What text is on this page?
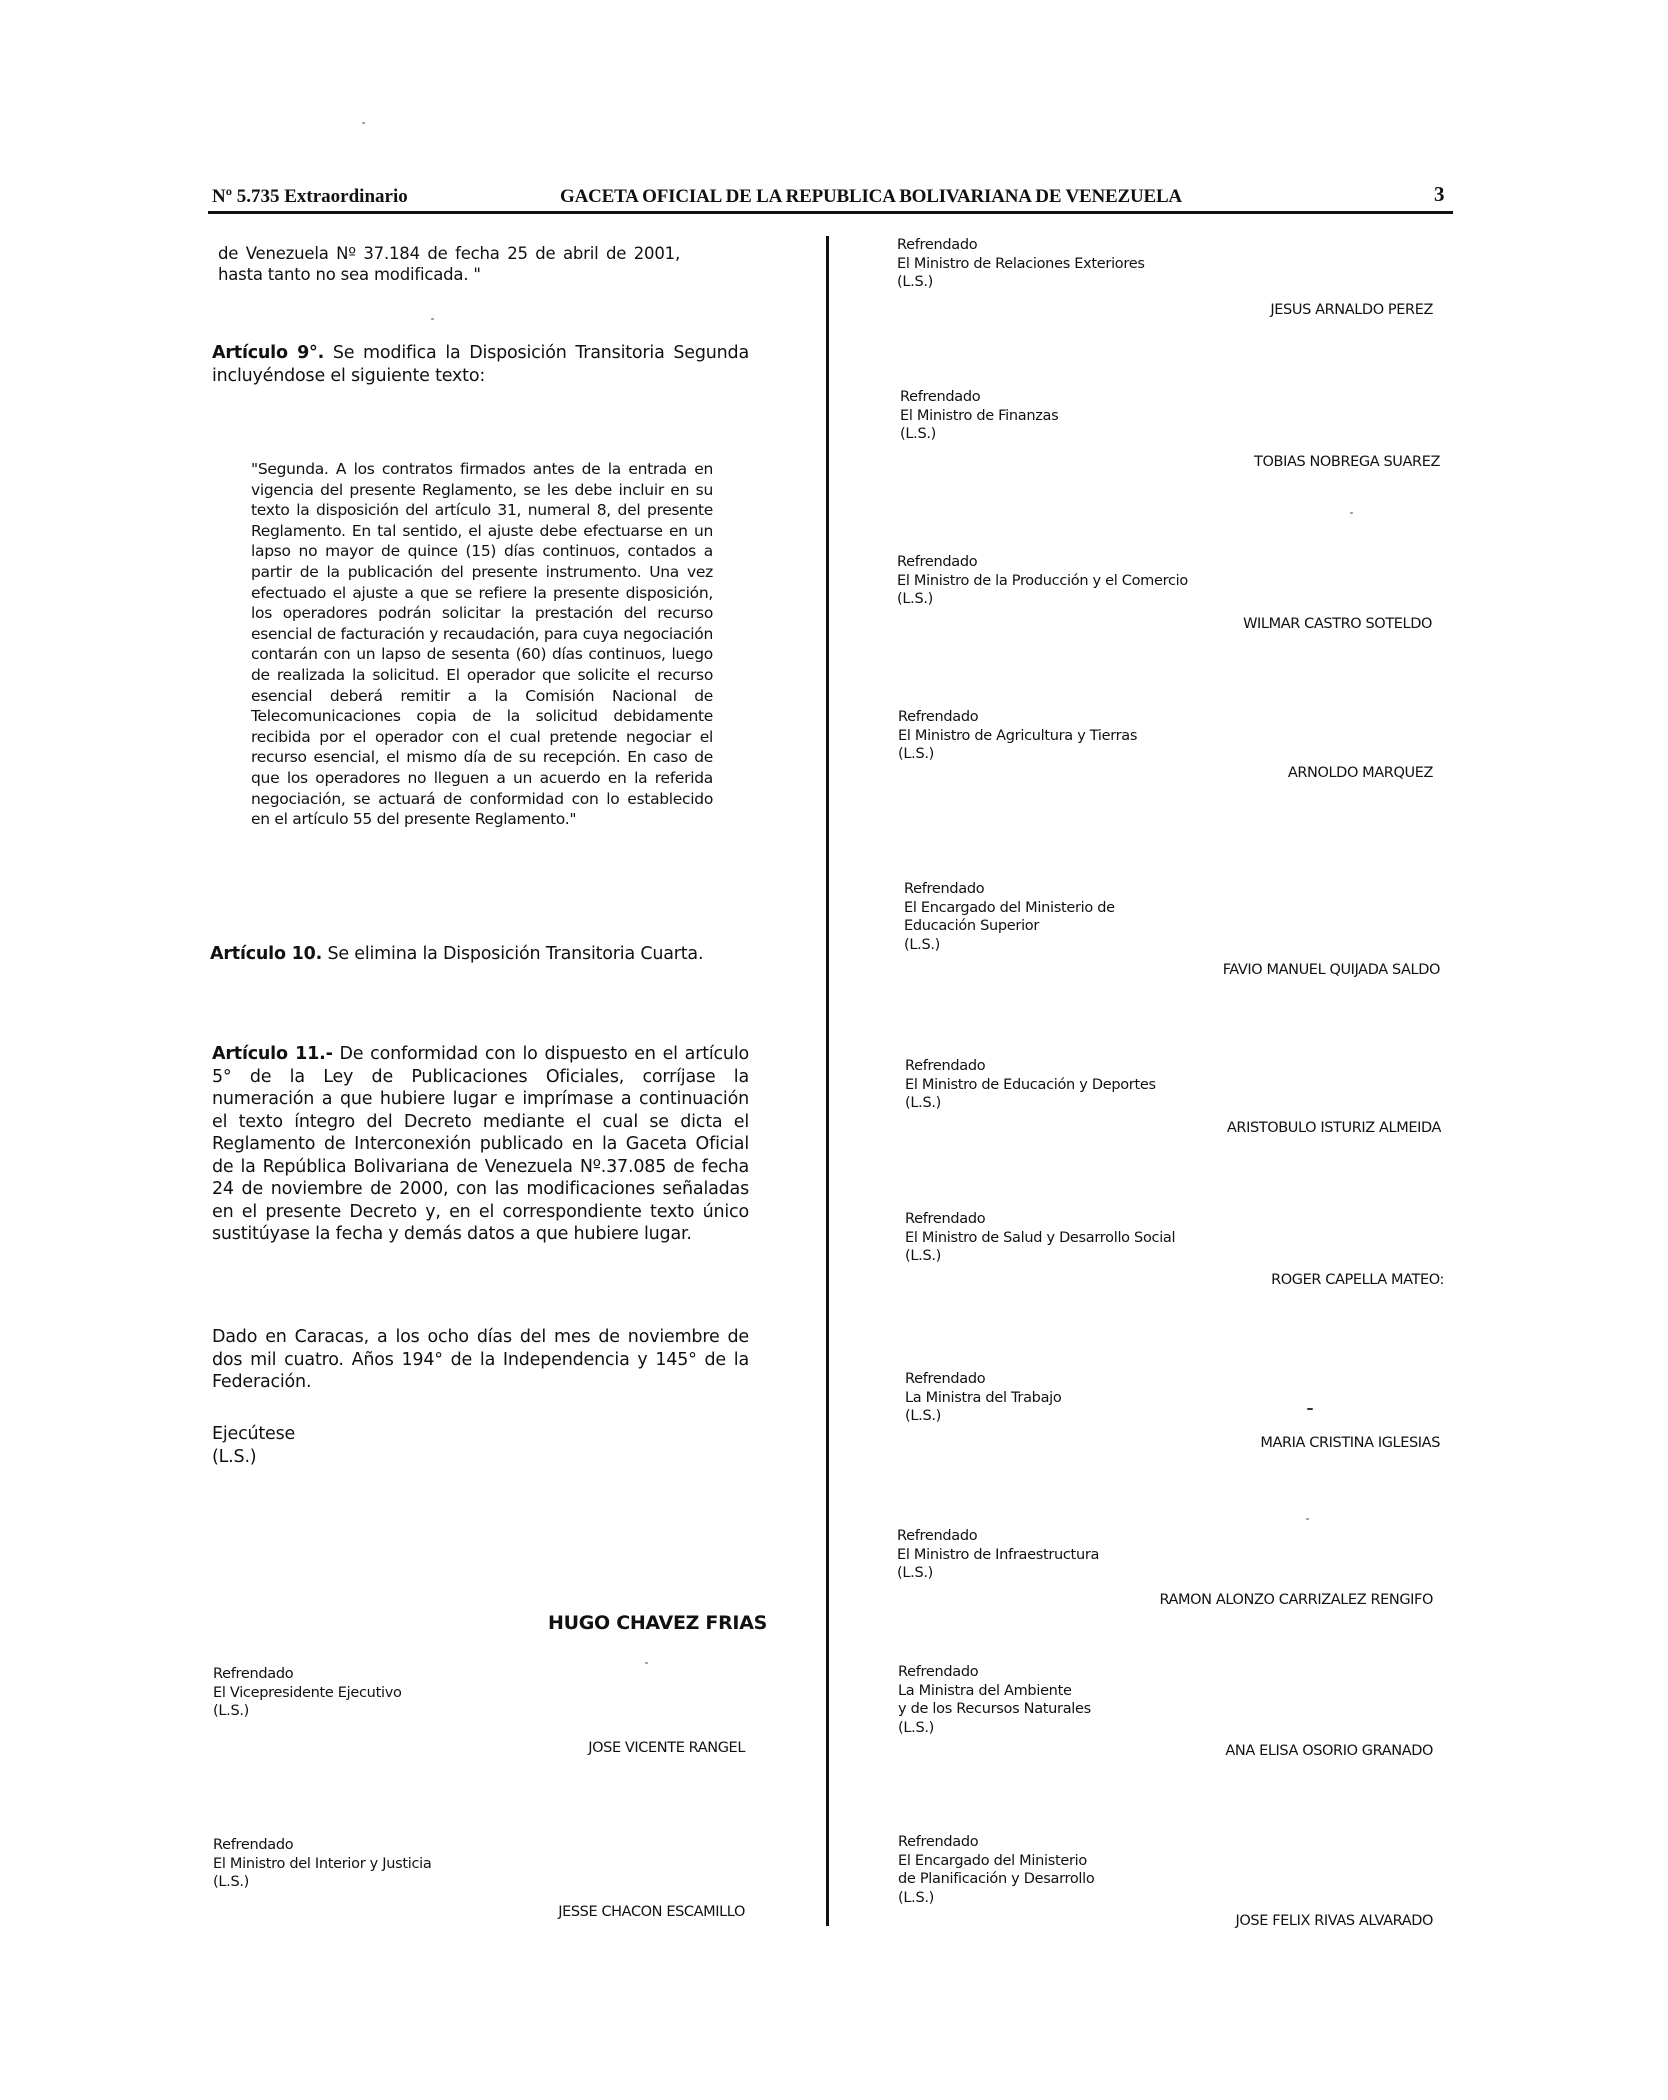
Nº 5.735 Extraordinario	GACETA OFICIAL DE LA REPUBLICA BOLIVARIANA DE VENEZUELA	3
de Venezuela Nº 37.184 de fecha 25 de abril de 2001, hasta tanto no sea modificada. "
Artículo 9°. Se modifica la Disposición Transitoria Segunda incluyéndose el siguiente texto:
"Segunda. A los contratos firmados antes de la entrada en vigencia del presente Reglamento, se les debe incluir en su texto la disposición del artículo 31, numeral 8, del presente Reglamento. En tal sentido, el ajuste debe efectuarse en un lapso no mayor de quince (15) días continuos, contados a partir de la publicación del presente instrumento. Una vez efectuado el ajuste a que se refiere la presente disposición, los operadores podrán solicitar la prestación del recurso esencial de facturación y recaudación, para cuya negociación contarán con un lapso de sesenta (60) días continuos, luego de realizada la solicitud. El operador que solicite el recurso esencial deberá remitir a la Comisión Nacional de Telecomunicaciones copia de la solicitud debidamente recibida por el operador con el cual pretende negociar el recurso esencial, el mismo día de su recepción. En caso de que los operadores no lleguen a un acuerdo en la referida negociación, se actuará de conformidad con lo establecido en el artículo 55 del presente Reglamento."
Artículo 10. Se elimina la Disposición Transitoria Cuarta.
Artículo 11.- De conformidad con lo dispuesto en el artículo 5° de la Ley de Publicaciones Oficiales, corríjase la numeración a que hubiere lugar e imprímase a continuación el texto íntegro del Decreto mediante el cual se dicta el Reglamento de Interconexión publicado en la Gaceta Oficial de la República Bolivariana de Venezuela Nº.37.085 de fecha 24 de noviembre de 2000, con las modificaciones señaladas en el presente Decreto y, en el correspondiente texto único sustitúyase la fecha y demás datos a que hubiere lugar.
Dado en Caracas, a los ocho días del mes de noviembre de dos mil cuatro. Años 194° de la Independencia y 145° de la Federación.
Ejecútese
(L.S.)
HUGO CHAVEZ FRIAS
Refrendado
El Vicepresidente Ejecutivo
(L.S.)
JOSE VICENTE RANGEL
Refrendado
El Ministro del Interior y Justicia
(L.S.)
JESSE CHACON ESCAMILLO
Refrendado
El Ministro de Relaciones Exteriores
(L.S.)
JESUS ARNALDO PEREZ
Refrendado
El Ministro de Finanzas
(L.S.)
TOBIAS NOBREGA SUAREZ
Refrendado
El Ministro de la Producción y el Comercio
(L.S.)
WILMAR CASTRO SOTELDO
Refrendado
El Ministro de Agricultura y Tierras
(L.S.)
ARNOLDO MARQUEZ
Refrendado
El Encargado del Ministerio de
Educación Superior
(L.S.)
FAVIO MANUEL QUIJADA SALDO
Refrendado
El Ministro de Educación y Deportes
(L.S.)
ARISTOBULO ISTURIZ ALMEIDA
Refrendado
El Ministro de Salud y Desarrollo Social
(L.S.)
ROGER CAPELLA MATEO:
Refrendado
La Ministra del Trabajo
(L.S.)
MARIA CRISTINA IGLESIAS
Refrendado
El Ministro de Infraestructura
(L.S.)
RAMON ALONZO CARRIZALEZ RENGIFO
Refrendado
La Ministra del Ambiente
y de los Recursos Naturales
(L.S.)
ANA ELISA OSORIO GRANADO
Refrendado
El Encargado del Ministerio
de Planificación y Desarrollo
(L.S.)
JOSE FELIX RIVAS ALVARADO
